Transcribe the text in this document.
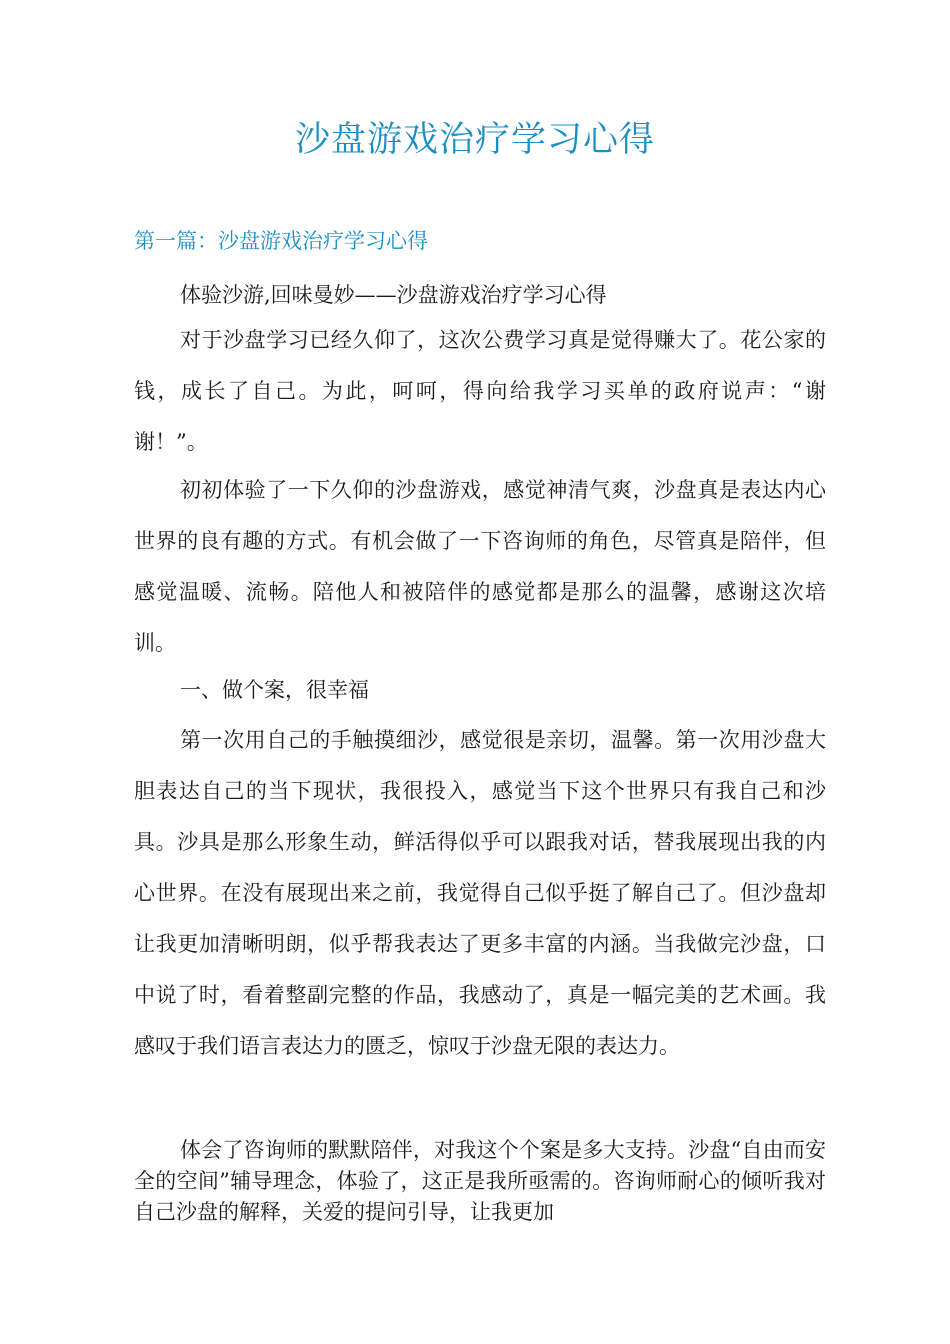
沙盘游戏治疗学习心得
第一篇：沙盘游戏治疗学习心得

体验沙游,回味曼妙——沙盘游戏治疗学习心得

对于沙盘学习已经久仰了，这次公费学习真是觉得赚大了。花公家的钱，成长了自己。为此，呵呵，得向给我学习买单的政府说声：“谢谢！”。

初初体验了一下久仰的沙盘游戏，感觉神清气爽，沙盘真是表达内心世界的良有趣的方式。有机会做了一下咨询师的角色，尽管真是陪伴，但感觉温暖、流畅。陪他人和被陪伴的感觉都是那么的温馨，感谢这次培训。

一、做个案，很幸福

第一次用自己的手触摸细沙，感觉很是亲切，温馨。第一次用沙盘大胆表达自己的当下现状，我很投入，感觉当下这个世界只有我自己和沙具。沙具是那么形象生动，鲜活得似乎可以跟我对话，替我展现出我的内心世界。在没有展现出来之前，我觉得自己似乎挺了解自己了。但沙盘却让我更加清晰明朗，似乎帮我表达了更多丰富的内涵。当我做完沙盘，口中说了时，看着整副完整的作品，我感动了，真是一幅完美的艺术画。我感叹于我们语言表达力的匮乏，惊叹于沙盘无限的表达力。

体会了咨询师的默默陪伴，对我这个个案是多大支持。沙盘“自由而安全的空间”辅导理念，体验了，这正是我所亟需的。咨询师耐心的倾听我对自己沙盘的解释，关爱的提问引导，让我更加
